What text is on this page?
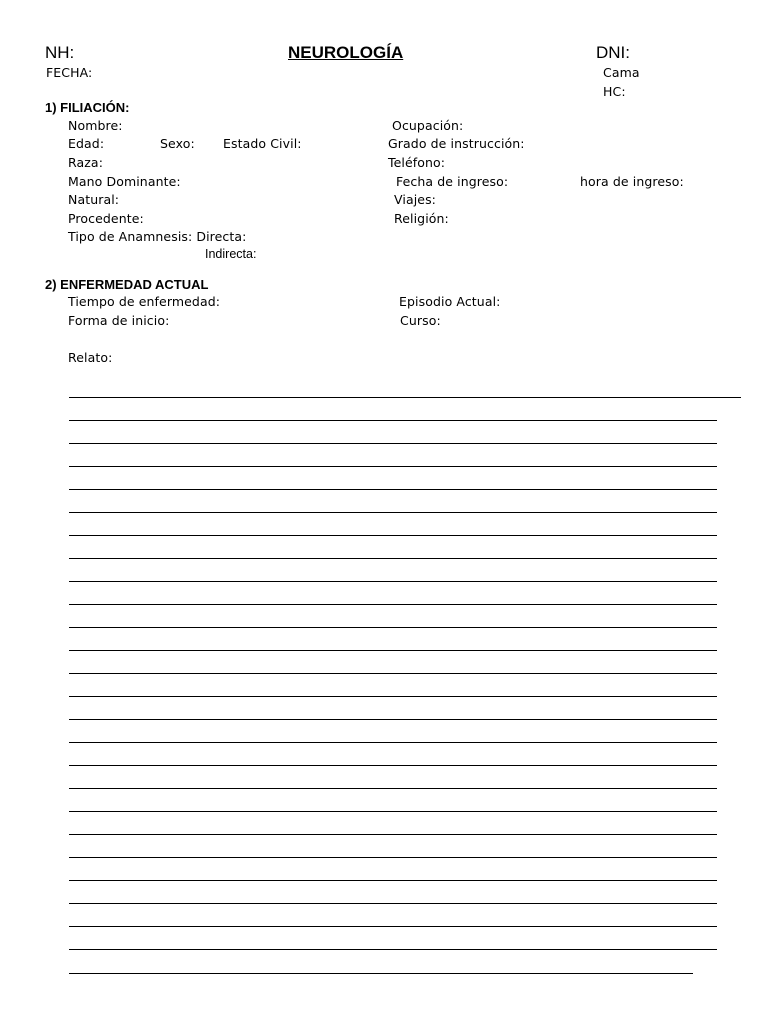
NH:	NEUROLOGÍA	DNI:
FECHA:	Cama
HC:
1) FILIACIÓN:
Nombre:	Ocupación:
Edad:	Sexo: Estado Civil:	Grado de instrucción:
Raza:	Teléfono:
Mano Dominante:	Fecha de ingreso:	hora de ingreso:
Natural:	Viajes:
Procedente:	Religión:
Tipo de Anamnesis: Directa:
Indirecta:
2) ENFERMEDAD ACTUAL
Tiempo de enfermedad:	Episodio Actual:
Forma de inicio:	Curso:
Relato:
